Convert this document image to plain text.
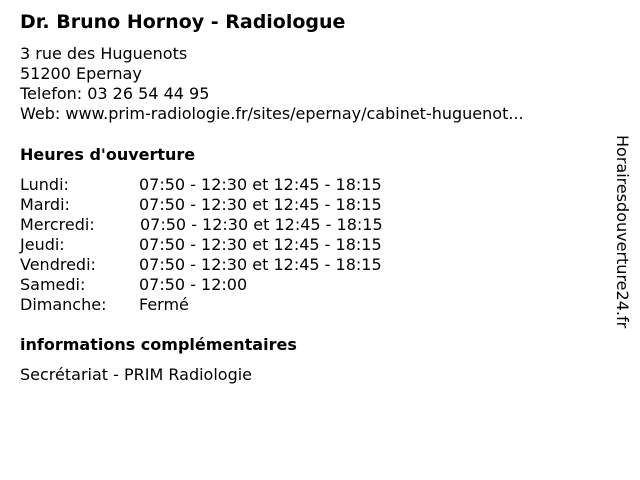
Dr. Bruno Hornoy - Radiologue
3 rue des Huguenots
51200 Epernay
Telefon: 03 26 54 44 95
Web: www.prim-radiologie.fr/sites/epernay/cabinet-huguenot...
Heures d'ouverture
Lundi:	07:50 - 12:30 et 12:45 - 18:15
Mardi:	07:50 - 12:30 et 12:45 - 18:15
Mercredi:	07:50 - 12:30 et 12:45 - 18:15
Jeudi:	07:50 - 12:30 et 12:45 - 18:15
Vendredi:	07:50 - 12:30 et 12:45 - 18:15
Samedi:	07:50 - 12:00
Dimanche: Fermé
informations complémentaires
Secrétariat - PRIM Radiologie
Horairesdouverture24.fr
